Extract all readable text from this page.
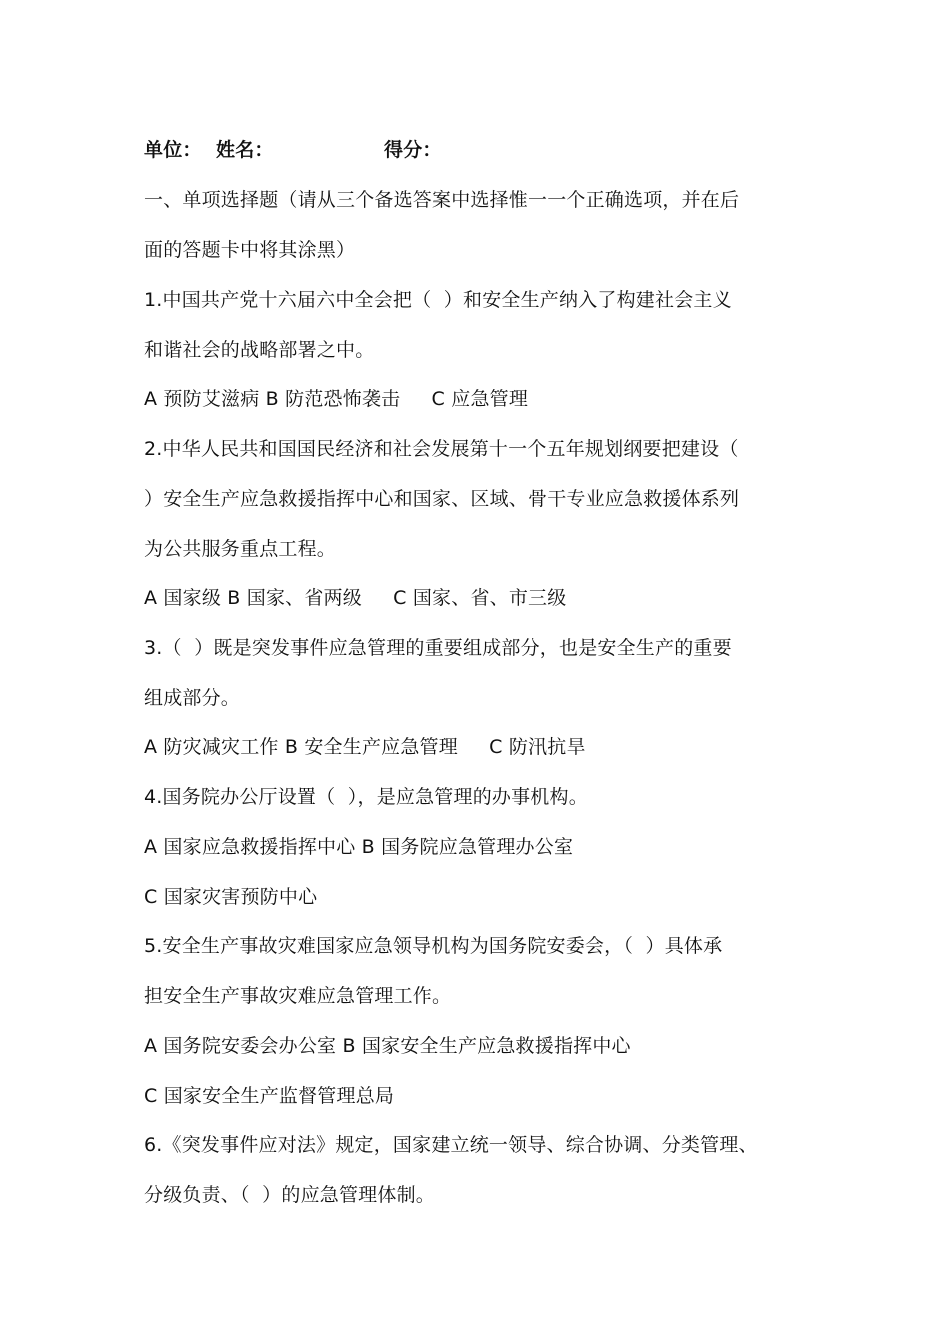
单位：

姓名：

	得分：

一、单项选择题（请从三个备选答案中选择惟一一个正确选项，并在后
面的答题卡中将其涂黑）
1.中国共产党十六届六中全会把（  ）和安全生产纳入了构建社会主义
和谐社会的战略部署之中。
A 预防艾滋病 B 防范恐怖袭击     C 应急管理
2.中华人民共和国国民经济和社会发展第十一个五年规划纲要把建设（
）安全生产应急救援指挥中心和国家、区域、骨干专业应急救援体系列
为公共服务重点工程。
A 国家级 B 国家、省两级     C 国家、省、市三级
3.（  ）既是突发事件应急管理的重要组成部分，也是安全生产的重要
组成部分。
A 防灾减灾工作 B 安全生产应急管理     C 防汛抗旱
4.国务院办公厅设置（  ），是应急管理的办事机构。
A 国家应急救援指挥中心 B 国务院应急管理办公室
C 国家灾害预防中心
5.安全生产事故灾难国家应急领导机构为国务院安委会，（  ）具体承
担安全生产事故灾难应急管理工作。
A 国务院安委会办公室 B 国家安全生产应急救援指挥中心
C 国家安全生产监督管理总局
6.《突发事件应对法》规定，国家建立统一领导、综合协调、分类管理、
分级负责、（  ）的应急管理体制。
